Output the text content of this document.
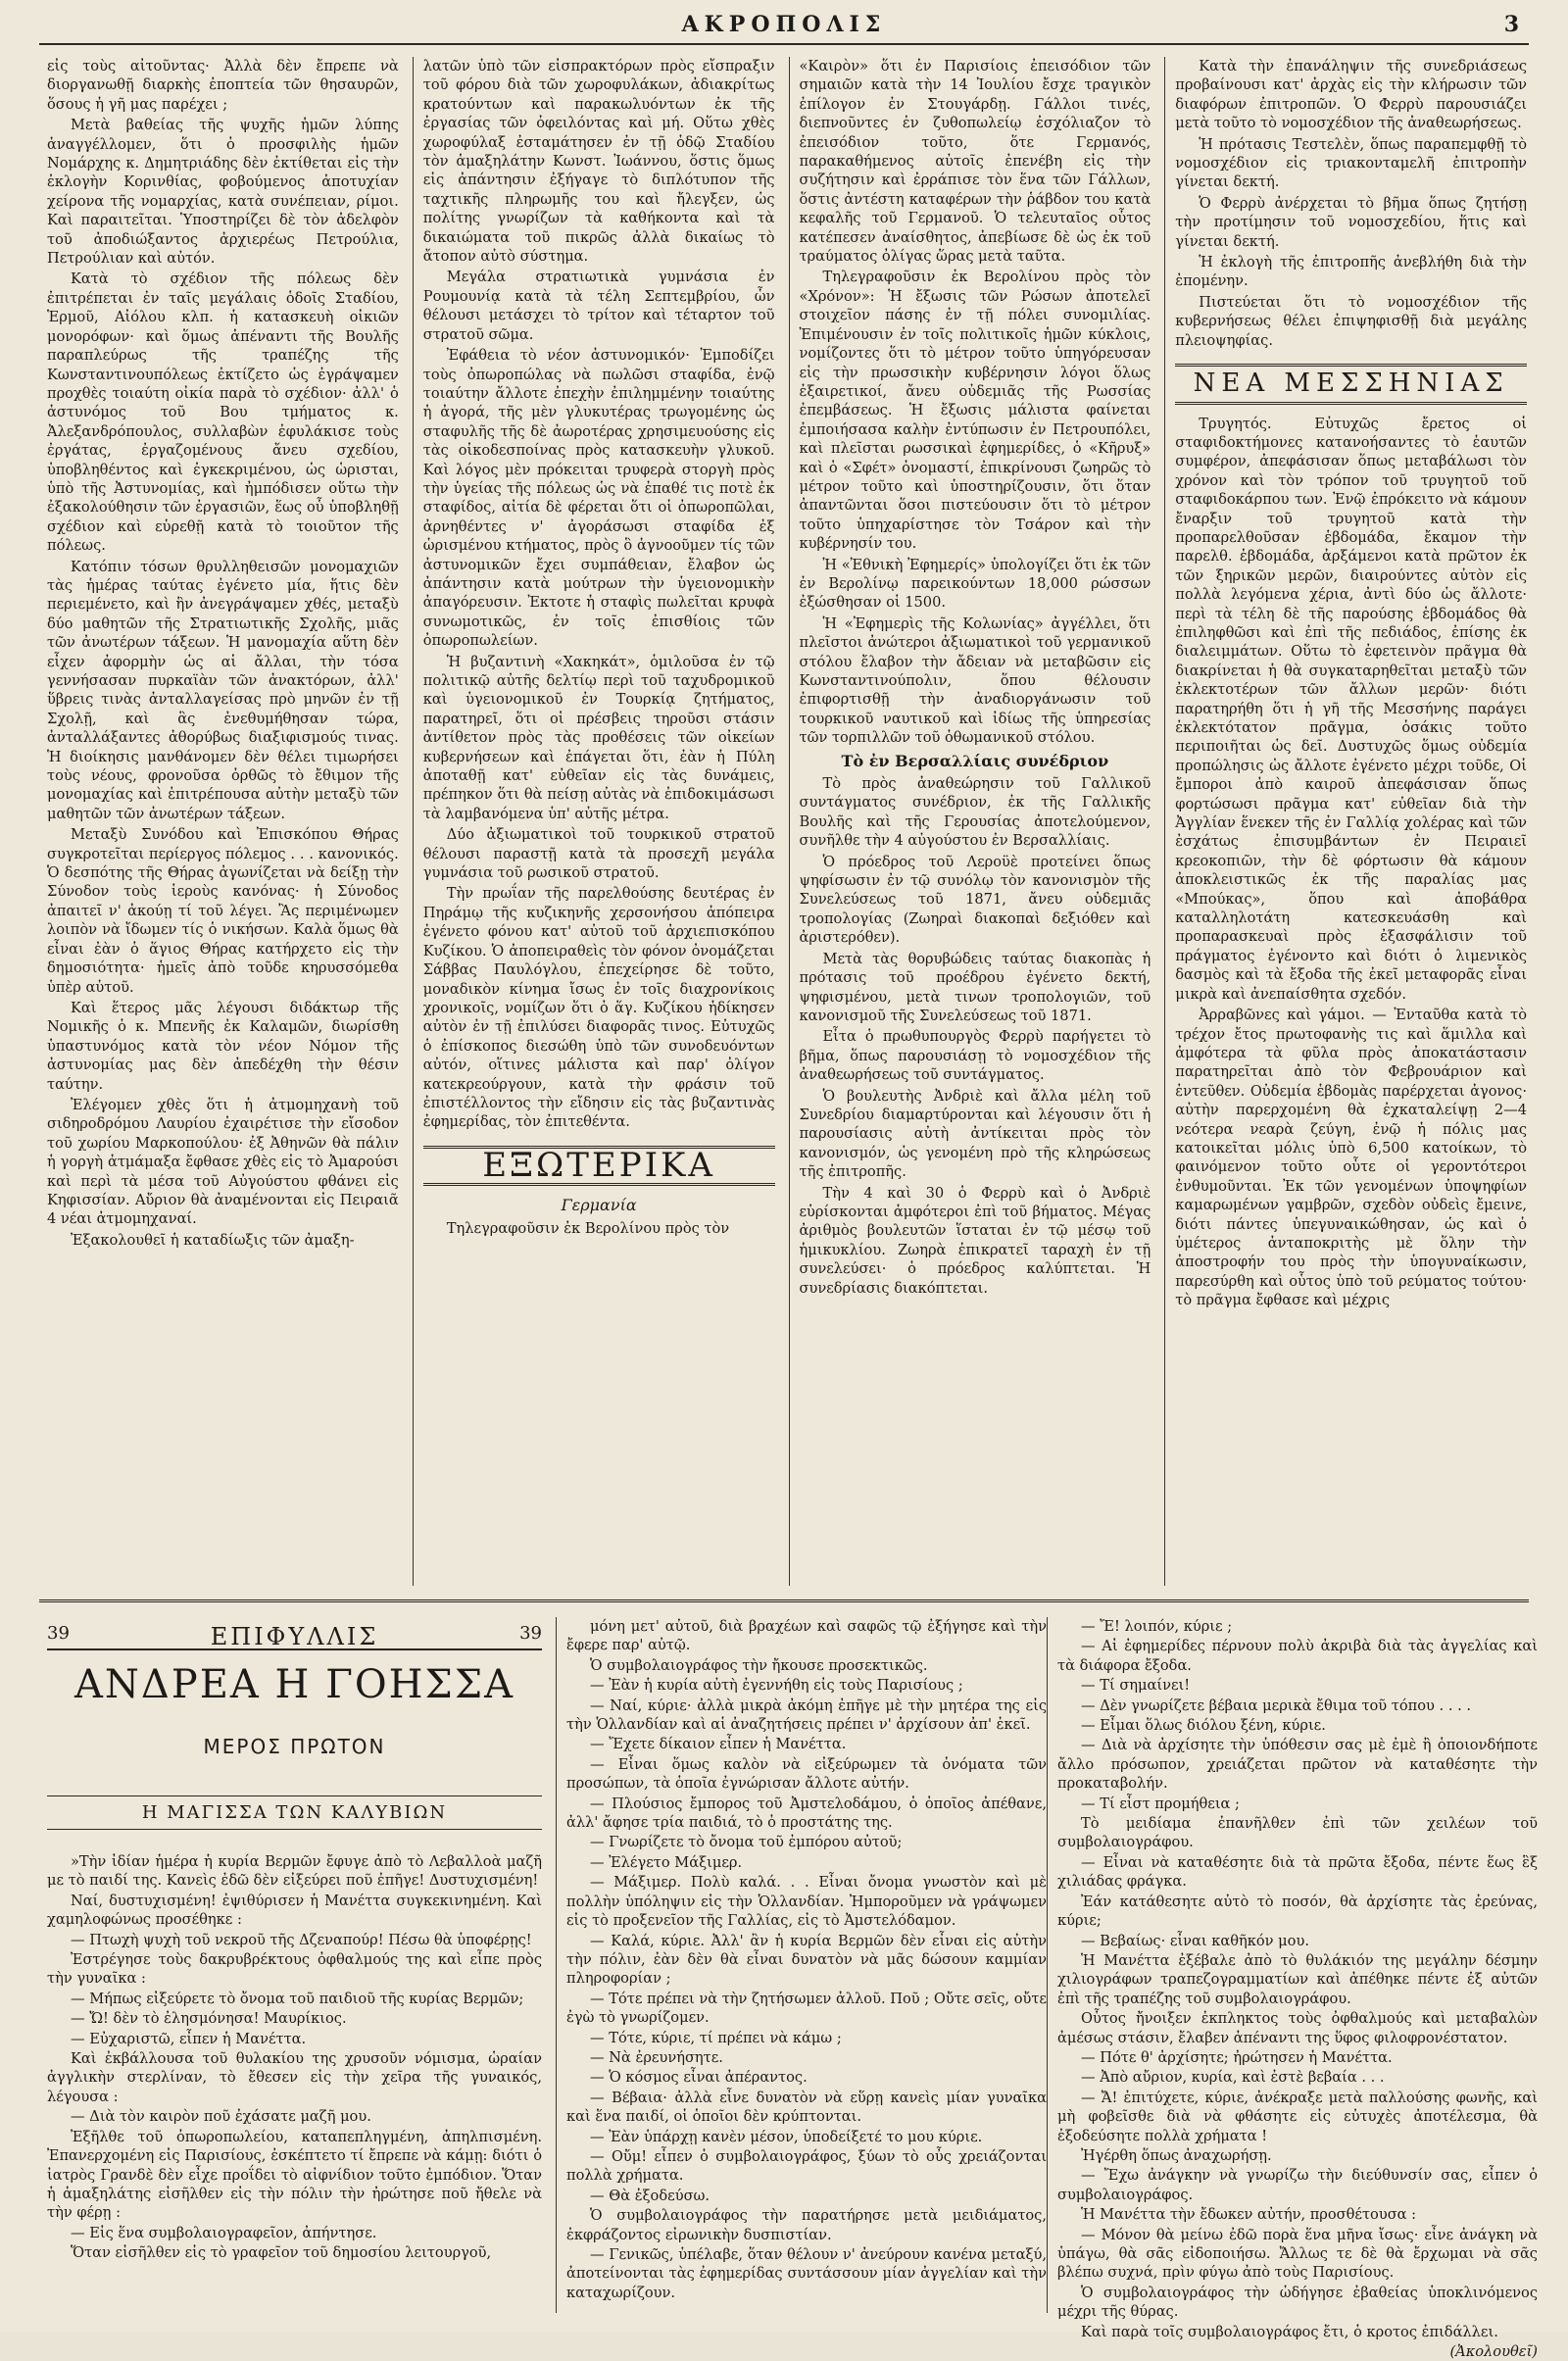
ΑΚΡΟΠΟΛΙΣ	3

εἰς τοὺς αἰτοῦντας· Ἀλλὰ δὲν ἔπρεπε νὰ διοργανωθῇ διαρκὴς ἐποπτεία τῶν θησαυρῶν, ὅσους ἡ γῆ μας παρέχει ;

Μετὰ βαθείας τῆς ψυχῆς ἡμῶν λύπης ἀναγγέλλομεν, ὅτι ὁ προσφιλὴς ἡμῶν Νομάρχης κ. Δημητριάδης δὲν ἐκτίθεται εἰς τὴν ἐκλογὴν Κορινθίας, φοβούμενος ἀποτυχίαν χείρονα τῆς νομαρχίας, κατὰ συνέπειαν, ρίμοι. Καὶ παραιτεῖται. Ὑποστηρίζει δὲ τὸν ἀδελφὸν τοῦ ἀποδιώξαντος ἀρχιερέως Πετρούλια, Πετρούλιαν καὶ αὐτόν.

Κατὰ τὸ σχέδιον τῆς πόλεως δὲν ἐπιτρέπεται ἐν ταῖς μεγάλαις ὁδοῖς Σταδίου, Ἑρμοῦ, Αἰόλου κλπ. ἡ κατασκευὴ οἰκιῶν μονορόφων· καὶ ὅμως ἀπέναντι τῆς Βουλῆς παραπλεύρως τῆς τραπέζης τῆς Κωνσταντινουπόλεως ἐκτίζετο ὡς ἐγράψαμεν προχθὲς τοιαύτη οἰκία παρὰ τὸ σχέδιον· ἀλλ' ὁ ἀστυνόμος τοῦ Βου τμήματος κ. Ἀλεξανδρόπουλος, συλλαβὼν ἐφυλάκισε τοὺς ἐργάτας, ἐργαζομένους ἄνευ σχεδίου, ὑποβληθέντος καὶ ἐγκεκριμένου, ὡς ὡρισται, ὑπὸ τῆς Ἀστυνομίας, καὶ ἠμπόδισεν οὕτω τὴν ἐξακολούθησιν τῶν ἐργασιῶν, ἕως οὗ ὑποβληθῇ σχέδιον καὶ εὑρεθῇ κατὰ τὸ τοιοῦτον τῆς πόλεως.

Κατόπιν τόσων θρυλληθεισῶν μονομαχιῶν τὰς ἡμέρας ταύτας ἐγένετο μία, ἥτις δὲν περιεμένετο, καὶ ἣν ἀνεγράψαμεν χθές, μεταξὺ δύο μαθητῶν τῆς Στρατιωτικῆς Σχολῆς, μιᾶς τῶν ἀνωτέρων τάξεων. Ἡ μανομαχία αὕτη δὲν εἶχεν ἀφορμὴν ὡς αἱ ἄλλαι, τὴν τόσα γεννήσασαν πυρκαϊὰν τῶν ἀνακτόρων, ἀλλ' ὕβρεις τινὰς ἀνταλλαγείσας πρὸ μηνῶν ἐν τῇ Σχολῇ, καὶ ἃς ἐνεθυμήθησαν τώρα, ἀνταλλάξαντες ἀθορύβως διαξιφισμούς τινας. Ἡ διοίκησις μανθάνομεν δὲν θέλει τιμωρήσει τοὺς νέους, φρονοῦσα ὀρθῶς τὸ ἔθιμον τῆς μονομαχίας καὶ ἐπιτρέπουσα αὐτὴν μεταξὺ τῶν μαθητῶν τῶν ἀνωτέρων τάξεων.

Μεταξὺ Συνόδου καὶ Ἐπισκόπου Θήρας συγκροτεῖται περίεργος πόλεμος . . . κανονικός. Ὁ δεσπότης τῆς Θήρας ἀγωνίζεται νὰ δείξῃ τὴν Σύνοδον τοὺς ἱεροὺς κανόνας· ἡ Σύνοδος ἀπαιτεῖ ν' ἀκούῃ τί τοῦ λέγει. Ἂς περιμένωμεν λοιπὸν νὰ ἴδωμεν τίς ὁ νικήσων. Καλὰ ὅμως θὰ εἶναι ἐὰν ὁ ἅγιος Θήρας κατήρχετο εἰς τὴν δημοσιότητα· ἡμεῖς ἀπὸ τοῦδε κηρυσσόμεθα ὑπὲρ αὐτοῦ.

Καὶ ἕτερος μᾶς λέγουσι διδάκτωρ τῆς Νομικῆς ὁ κ. Μπενῆς ἐκ Καλαμῶν, διωρίσθη ὑπαστυνόμος κατὰ τὸν νέον Νόμον τῆς ἀστυνομίας μας δὲν ἀπεδέχθη τὴν θέσιν ταύτην.

Ἐλέγομεν χθὲς ὅτι ἡ ἀτμομηχανὴ τοῦ σιδηροδρόμου Λαυρίου ἐχαιρέτισε τὴν εἴσοδον τοῦ χωρίου Μαρκοπούλου· ἐξ Ἀθηνῶν θὰ πάλιν ἡ γοργὴ ἀτμάμαξα ἔφθασε χθὲς εἰς τὸ Ἀμαρούσι καὶ περὶ τὰ μέσα τοῦ Αὐγούστου φθάνει εἰς Κηφισσίαν. Αὔριον θὰ ἀναμένονται εἰς Πειραιᾶ 4 νέαι ἀτμομηχαναί.

Ἐξακολουθεῖ ἡ καταδίωξις τῶν ἀμαξη-

λατῶν ὑπὸ τῶν εἰσπρακτόρων πρὸς εἴσπραξιν τοῦ φόρου διὰ τῶν χωροφυλάκων, ἀδιακρίτως κρατούντων καὶ παρακωλυόντων ἐκ τῆς ἐργασίας τῶν ὀφειλόντας καὶ μή. Οὕτω χθὲς χωροφύλαξ ἐσταμάτησεν ἐν τῇ ὁδῷ Σταδίου τὸν ἁμαξηλάτην Κωνστ. Ἰωάννου, ὅστις ὅμως εἰς ἀπάντησιν ἐξήγαγε τὸ διπλότυπον τῆς ταχτικῆς πληρωμῆς του καὶ ἤλεγξεν, ὡς πολίτης γνωρίζων τὰ καθήκοντα καὶ τὰ δικαιώματα τοῦ πικρῶς ἀλλὰ δικαίως τὸ ἄτοπον αὐτὸ σύστημα.

Μεγάλα στρατιωτικὰ γυμνάσια ἐν Ρουμουνίᾳ κατὰ τὰ τέλη Σεπτεμβρίου, ὧν θέλουσι μετάσχει τὸ τρίτον καὶ τέταρτον τοῦ στρατοῦ σῶμα.

Ἐφάθεια τὸ νέον ἀστυνομικόν· Ἐμποδίζει τοὺς ὀπωροπώλας νὰ πωλῶσι σταφίδα, ἐνῷ τοιαύτην ἄλλοτε ἐπεχὴν ἐπιλημμένην τοιαύτης ἡ ἀγορά, τῆς μὲν γλυκυτέρας τρωγομένης ὡς σταφυλῆς τῆς δὲ ἀωροτέρας χρησιμευούσης εἰς τὰς οἰκοδεσποίνας πρὸς κατασκευὴν γλυκοῦ. Καὶ λόγος μὲν πρόκειται τρυφερὰ στοργὴ πρὸς τὴν ὑγείας τῆς πόλεως ὡς νὰ ἐπαθέ τις ποτὲ ἐκ σταφίδος, αἰτία δὲ φέρεται ὅτι οἱ ὀπωροπῶλαι, ἀρνηθέντες ν' ἀγοράσωσι σταφίδα ἐξ ὡρισμένου κτήματος, πρὸς ὃ ἀγνοοῦμεν τίς τῶν ἀστυνομικῶν ἔχει συμπάθειαν, ἔλαβον ὡς ἀπάντησιν κατὰ μούτρων τὴν ὑγειονομικὴν ἀπαγόρευσιν. Ἐκτοτε ἡ σταφὶς πωλεῖται κρυφὰ συνωμοτικῶς, ἐν τοῖς ἐπισθίοις τῶν ὀπωροπωλείων.

Ἡ βυζαντινὴ «Χακηκάτ», ὁμιλοῦσα ἐν τῷ πολιτικῷ αὐτῆς δελτίῳ περὶ τοῦ ταχυδρομικοῦ καὶ ὑγειονομικοῦ ἐν Τουρκίᾳ ζητήματος, παρατηρεῖ, ὅτι οἱ πρέσβεις τηροῦσι στάσιν ἀντίθετον πρὸς τὰς προθέσεις τῶν οἰκείων κυβερνήσεων καὶ ἐπάγεται ὅτι, ἐὰν ἡ Πύλη ἀποταθῇ κατ' εὐθεῖαν εἰς τὰς δυνάμεις, πρέπηκον ὅτι θὰ πείσῃ αὐτὰς νὰ ἐπιδοκιμάσωσι τὰ λαμβανόμενα ὑπ' αὐτῆς μέτρα.

Δύο ἀξιωματικοὶ τοῦ τουρκικοῦ στρατοῦ θέλουσι παραστῇ κατὰ τὰ προσεχῆ μεγάλα γυμνάσια τοῦ ρωσικοῦ στρατοῦ.

Τὴν πρωΐαν τῆς παρελθούσης δευτέρας ἐν Πηράμῳ τῆς κυζικηνῆς χερσονήσου ἀπόπειρα ἐγένετο φόνου κατ' αὐτοῦ τοῦ ἀρχιεπισκόπου Κυζίκου. Ὁ ἀποπειραθεὶς τὸν φόνον ὀνομάζεται Σάββας Παυλόγλου, ἐπεχείρησε δὲ τοῦτο, μοναδικὸν κίνημα ἴσως ἐν τοῖς διαχρονίκοις χρονικοῖς, νομίζων ὅτι ὁ ἅγ. Κυζίκου ἠδίκησεν αὐτὸν ἐν τῇ ἐπιλύσει διαφορᾶς τινος. Εὐτυχῶς ὁ ἐπίσκοπος διεσώθη ὑπὸ τῶν συνοδευόντων αὐτόν, οἵτινες μάλιστα καὶ παρ' ὀλίγον κατεκρεούργουν, κατὰ τὴν φράσιν τοῦ ἐπιστέλλοντος τὴν εἴδησιν εἰς τὰς βυζαντινὰς ἐφημερίδας, τὸν ἐπιτεθέντα.

ΕΞΩΤΕΡΙΚΑ
Γερμανία

Τηλεγραφοῦσιν ἐκ Βερολίνου πρὸς τὸν

«Καιρὸν» ὅτι ἐν Παρισίοις ἐπεισόδιον τῶν σημαιῶν κατὰ τὴν 14 Ἰουλίου ἔσχε τραγικὸν ἐπίλογον ἐν Στουγάρδῃ. Γάλλοι τινές, διεπνοῦντες ἐν ζυθοπωλείῳ ἐσχόλιαζον τὸ ἐπεισόδιον τοῦτο, ὅτε Γερμανός, παρακαθήμενος αὐτοῖς ἐπενέβη εἰς τὴν συζήτησιν καὶ ἐρράπισε τὸν ἕνα τῶν Γάλλων, ὅστις ἀντέστη καταφέρων τὴν ῥάβδον του κατὰ κεφαλῆς τοῦ Γερμανοῦ. Ὁ τελευταῖος οὗτος κατέπεσεν ἀναίσθητος, ἀπεβίωσε δὲ ὡς ἐκ τοῦ τραύματος ὀλίγας ὥρας μετὰ ταῦτα.

Τηλεγραφοῦσιν ἐκ Βερολίνου πρὸς τὸν «Χρόνον»: Ἡ ἔξωσις τῶν Ρώσων ἀποτελεῖ στοιχεῖον πάσης ἐν τῇ πόλει συνομιλίας. Ἐπιμένουσιν ἐν τοῖς πολιτικοῖς ἡμῶν κύκλοις, νομίζοντες ὅτι τὸ μέτρον τοῦτο ὑπηγόρευσαν εἰς τὴν πρωσσικὴν κυβέρνησιν λόγοι ὅλως ἐξαιρετικοί, ἄνευ οὐδεμιᾶς τῆς Ρωσσίας ἐπεμβάσεως. Ἡ ἔξωσις μάλιστα φαίνεται ἐμποιήσασα καλὴν ἐντύπωσιν ἐν Πετρουπόλει, καὶ πλεῖσται ρωσσικαὶ ἐφημερίδες, ὁ «Κῆρυξ» καὶ ὁ «Σφέτ» ὀνομαστί, ἐπικρίνουσι ζωηρῶς τὸ μέτρον τοῦτο καὶ ὑποστηρίζουσιν, ὅτι ὅταν ἀπαντῶνται ὅσοι πιστεύουσιν ὅτι τὸ μέτρον τοῦτο ὑπηχαρίστησε τὸν Τσάρον καὶ τὴν κυβέρνησίν του.

Ἡ «Ἐθνικὴ Ἐφημερίς» ὑπολογίζει ὅτι ἐκ τῶν ἐν Βερολίνῳ παρεικούντων 18,000 ρώσσων ἐξώσθησαν οἱ 1500.

Ἡ «Ἐφημερὶς τῆς Κολωνίας» ἀγγέλλει, ὅτι πλεῖστοι ἀνώτεροι ἀξιωματικοὶ τοῦ γερμανικοῦ στόλου ἔλαβον τὴν ἄδειαν νὰ μεταβῶσιν εἰς Κωνσταντινούπολιν, ὅπου θέλουσιν ἐπιφορτισθῇ τὴν ἀναδιοργάνωσιν τοῦ τουρκικοῦ ναυτικοῦ καὶ ἰδίως τῆς ὑπηρεσίας τῶν τορπιλλῶν τοῦ ὀθωμανικοῦ στόλου.

Τὸ ἐν Βερσαλλίαις συνέδριον

Τὸ πρὸς ἀναθεώρησιν τοῦ Γαλλικοῦ συντάγματος συνέδριον, ἐκ τῆς Γαλλικῆς Βουλῆς καὶ τῆς Γερουσίας ἀποτελούμενον, συνῆλθε τὴν 4 αὐγούστου ἐν Βερσαλλίαις.

Ὁ πρόεδρος τοῦ Λεροϋὲ προτείνει ὅπως ψηφίσωσιν ἐν τῷ συνόλῳ τὸν κανονισμὸν τῆς Συνελεύσεως τοῦ 1871, ἄνευ οὐδεμιᾶς τροπολογίας (Ζωηραὶ διακοπαὶ δεξιόθεν καὶ ἀριστερόθεν).

Μετὰ τὰς θορυβώδεις ταύτας διακοπὰς ἡ πρότασις τοῦ προέδρου ἐγένετο δεκτή, ψηφισμένου, μετὰ τινων τροπολογιῶν, τοῦ κανονισμοῦ τῆς Συνελεύσεως τοῦ 1871.

Εἶτα ὁ πρωθυπουργὸς Φερρὺ παρήγετει τὸ βῆμα, ὅπως παρουσιάσῃ τὸ νομοσχέδιον τῆς ἀναθεωρήσεως τοῦ συντάγματος.

Ὁ βουλευτὴς Ἀνδριὲ καὶ ἄλλα μέλη τοῦ Συνεδρίου διαμαρτύρονται καὶ λέγουσιν ὅτι ἡ παρουσίασις αὐτὴ ἀντίκειται πρὸς τὸν κανονισμόν, ὡς γενομένη πρὸ τῆς κληρώσεως τῆς ἐπιτροπῆς.

Τὴν 4 καὶ 30 ὁ Φερρὺ καὶ ὁ Ἀνδριὲ εὑρίσκονται ἀμφότεροι ἐπὶ τοῦ βήματος. Μέγας ἀριθμὸς βουλευτῶν ἵσταται ἐν τῷ μέσῳ τοῦ ἡμικυκλίου. Ζωηρὰ ἐπικρατεῖ ταραχὴ ἐν τῇ συνελεύσει· ὁ πρόεδρος καλύπτεται. Ἡ συνεδρίασις διακόπτεται.

Κατὰ τὴν ἐπανάληψιν τῆς συνεδριάσεως προβαίνουσι κατ' ἀρχὰς εἰς τὴν κλήρωσιν τῶν διαφόρων ἐπιτροπῶν. Ὁ Φερρὺ παρουσιάζει μετὰ τοῦτο τὸ νομοσχέδιον τῆς ἀναθεωρήσεως.

Ἡ πρότασις Τεστελὲν, ὅπως παραπεμφθῇ τὸ νομοσχέδιον εἰς τριακονταμελῆ ἐπιτροπὴν γίνεται δεκτή.

Ὁ Φερρὺ ἀνέρχεται τὸ βῆμα ὅπως ζητήσῃ τὴν προτίμησιν τοῦ νομοσχεδίου, ἥτις καὶ γίνεται δεκτή.

Ἡ ἐκλογὴ τῆς ἐπιτροπῆς ἀνεβλήθη διὰ τὴν ἐπομένην.

Πιστεύεται ὅτι τὸ νομοσχέδιον τῆς κυβερνήσεως θέλει ἐπιψηφισθῇ διὰ μεγάλης πλειοψηφίας.

ΝΕΑ ΜΕΣΣΗΝΙΑΣ

Τρυγητός. Εὐτυχῶς ἔρετος οἱ σταφιδοκτήμονες κατανοήσαντες τὸ ἑαυτῶν συμφέρον, ἀπεφάσισαν ὅπως μεταβάλωσι τὸν χρόνον καὶ τὸν τρόπον τοῦ τρυγητοῦ τοῦ σταφιδοκάρπου των. Ἐνῷ ἐπρόκειτο νὰ κάμουν ἔναρξιν τοῦ τρυγητοῦ κατὰ τὴν προπαρελθοῦσαν ἑβδομάδα, ἔκαμον τὴν παρελθ. ἑβδομάδα, ἀρξάμενοι κατὰ πρῶτον ἐκ τῶν ξηρικῶν μερῶν, διαιρούντες αὐτὸν εἰς πολλὰ λεγόμενα χέρια, ἀντὶ δύο ὡς ἄλλοτε· περὶ τὰ τέλη δὲ τῆς παρούσης ἑβδομάδος θὰ ἐπιληφθῶσι καὶ ἐπὶ τῆς πεδιάδος, ἐπίσης ἐκ διαλειμμάτων. Οὕτω τὸ ἐφετεινὸν πρᾶγμα θὰ διακρίνεται ἡ θὰ συγκαταρηθεῖται μεταξὺ τῶν ἐκλεκτοτέρων τῶν ἄλλων μερῶν· διότι παρατηρήθη ὅτι ἡ γῆ τῆς Μεσσήνης παράγει ἐκλεκτότατον πρᾶγμα, ὁσάκις τοῦτο περιποιῆται ὡς δεῖ. Δυστυχῶς ὅμως οὐδεμία προπώλησις ὡς ἄλλοτε ἐγένετο μέχρι τοῦδε, Οἱ ἔμποροι ἀπὸ καιροῦ ἀπεφάσισαν ὅπως φορτώσωσι πρᾶγμα κατ' εὐθεῖαν διὰ τὴν Ἀγγλίαν ἕνεκεν τῆς ἐν Γαλλίᾳ χολέρας καὶ τῶν ἐσχάτως ἐπισυμβάντων ἐν Πειραιεῖ κρεοκοπιῶν, τὴν δὲ φόρτωσιν θὰ κάμουν ἀποκλειστικῶς ἐκ τῆς παραλίας μας «Μπούκας», ὅπου καὶ ἀποβάθρα καταλληλοτάτη κατεσκευάσθη καὶ προπαρασκευαὶ πρὸς ἐξασφάλισιν τοῦ πράγματος ἐγένοντο καὶ διότι ὁ λιμενικὸς δασμὸς καὶ τὰ ἔξοδα τῆς ἐκεῖ μεταφορᾶς εἶναι μικρὰ καὶ ἀνεπαίσθητα σχεδόν.

Ἀρραβῶνες καὶ γάμοι. — Ἐνταῦθα κατὰ τὸ τρέχον ἔτος πρωτοφανὴς τις καὶ ἅμιλλα καὶ ἀμφότερα τὰ φῦλα πρὸς ἀποκατάστασιν παρατηρεῖται ἀπὸ τὸν Φεβρουάριον καὶ ἐντεῦθεν. Οὐδεμία ἑβδομὰς παρέρχεται ἀγονος· αὐτὴν παρερχομένη θὰ ἐχκαταλείψῃ 2—4 νεότερα νεαρὰ ζεύγη, ἐνῷ ἡ πόλις μας κατοικεῖται μόλις ὑπὸ 6,500 κατοίκων, τὸ φαινόμενον τοῦτο οὗτε οἱ γεροντότεροι ἐνθυμοῦνται. Ἐκ τῶν γενομένων ὑποψηφίων καμαρωμένων γαμβρῶν, σχεδὸν οὐδεὶς ἔμεινε, διότι πάντες ὑπεγυναικώθησαν, ὡς καὶ ὁ ὑμέτερος ἀνταποκριτὴς μὲ ὅλην τὴν ἀποστροφήν του πρὸς τὴν ὑπογυναίκωσιν, παρεσύρθη καὶ οὗτος ὑπὸ τοῦ ρεύματος τούτου· τὸ πρᾶγμα ἔφθασε καὶ μέχρις

39	ΕΠΙΦΥΛΛΙΣ	39
ΑΝΔΡΕΑ Η ΓΟΗΣΣΑ
ΜΕΡΟΣ ΠΡΩΤΟΝ
Η ΜΑΓΙΣΣΑ ΤΩΝ ΚΑΛΥΒΙΩΝ

»Τὴν ἰδίαν ἡμέρα ἡ κυρία Βερμῶν ἔφυγε ἀπὸ τὸ Λεβαλλοὰ μαζῆ με τὸ παιδί της. Κανεὶς ἐδῶ δὲν εἰξεύρει ποῦ ἐπῆγε! Δυστυχισμένη!

Ναί, δυστυχισμένη! ἐψιθύρισεν ἡ Μανέττα συγκεκινημένη. Καὶ χαμηλοφώνως προσέθηκε :

— Πτωχὴ ψυχὴ τοῦ νεκροῦ τῆς Δζεναπούρ! Πέσω θὰ ὑποφέρῃς!

Ἐστρέγησε τοὺς δακρυβρέκτους ὀφθαλμούς της καὶ εἶπε πρὸς τὴν γυναῖκα :

— Μήπως εἰξεύρετε τὸ ὄνομα τοῦ παιδιοῦ τῆς κυρίας Βερμῶν;

— Ὤ! δὲν τὸ ἐλησμόνησα! Μαυρίκιος.

— Εὐχαριστῶ, εἶπεν ἡ Μανέττα.

Καὶ ἐκβάλλουσα τοῦ θυλακίου της χρυσοῦν νόμισμα, ὡραίαν ἀγγλικὴν στερλίναν, τὸ ἔθεσεν εἰς τὴν χεῖρα τῆς γυναικός, λέγουσα :

— Διὰ τὸν καιρὸν ποῦ ἐχάσατε μαζῆ μου.

Ἐξῆλθε τοῦ ὀπωροπωλείου, καταπεπληγμένη, ἀπηλπισμένη. Ἐπανερχομένη εἰς Παρισίους, ἐσκέπτετο τί ἔπρεπε νὰ κάμῃ: διότι ὁ ἰατρὸς Γρανδὲ δὲν εἶχε προΐδει τὸ αἰφνίδιον τοῦτο ἐμπόδιον. Ὅταν ἡ ἁμαξηλάτης εἰσῆλθεν εἰς τὴν πόλιν τὴν ἠρώτησε ποῦ ἤθελε νὰ τὴν φέρῃ :

— Εἰς ἕνα συμβολαιογραφεῖον, ἀπήντησε.

Ὅταν εἰσῆλθεν εἰς τὸ γραφεῖον τοῦ δημοσίου λειτουργοῦ,

μόνη μετ' αὐτοῦ, διὰ βραχέων καὶ σαφῶς τῷ ἐξήγησε καὶ τὴν ἔφερε παρ' αὐτῷ.

Ὁ συμβολαιογράφος τὴν ἤκουσε προσεκτικῶς.

— Ἐὰν ἡ κυρία αὐτὴ ἐγεννήθη εἰς τοὺς Παρισίους ;

— Ναί, κύριε· ἀλλὰ μικρὰ ἀκόμη ἐπῆγε μὲ τὴν μητέρα της εἰς τὴν Ὁλλανδίαν καὶ αἱ ἀναζητήσεις πρέπει ν' ἀρχίσουν ἀπ' ἐκεῖ.

— Ἔχετε δίκαιον εἶπεν ἡ Μανέττα.

— Εἶναι ὅμως καλὸν νὰ εἰξεύρωμεν τὰ ὀνόματα τῶν προσώπων, τὰ ὁποῖα ἐγνώρισαν ἄλλοτε αὐτήν.

— Πλούσιος ἔμπορος τοῦ Ἀμστελοδάμου, ὁ ὁποῖος ἀπέθανε, ἀλλ' ἄφησε τρία παιδιά, τὸ ὁ προστάτης της.

— Γνωρίζετε τὸ ὄνομα τοῦ ἐμπόρου αὐτοῦ;

— Ἐλέγετο Μάξιμερ.

— Μάξιμερ. Πολὺ καλά. . . Εἶναι ὄνομα γνωστὸν καὶ μὲ πολλὴν ὑπόληψιν εἰς τὴν Ὁλλανδίαν. Ἠμποροῦμεν νὰ γράψωμεν εἰς τὸ προξενεῖον τῆς Γαλλίας, εἰς τὸ Ἀμστελόδαμον.

— Καλά, κύριε. Ἀλλ' ἂν ἡ κυρία Βερμῶν δὲν εἶναι εἰς αὐτὴν τὴν πόλιν, ἐὰν δὲν θὰ εἶναι δυνατὸν νὰ μᾶς δώσουν καμμίαν πληροφορίαν ;

— Τότε πρέπει νὰ τὴν ζητήσωμεν ἀλλοῦ. Ποῦ ; Οὔτε σεῖς, οὔτε ἐγὼ τὸ γνωρίζομεν.

— Τότε, κύριε, τί πρέπει νὰ κάμω ;

— Νὰ ἐρευνήσητε.

— Ὁ κόσμος εἶναι ἀπέραντος.

— Βέβαια· ἀλλὰ εἶνε δυνατὸν νὰ εὕρῃ κανεὶς μίαν γυναῖκα καὶ ἕνα παιδί, οἱ ὁποῖοι δὲν κρύπτονται.

— Ἐὰν ὑπάρχῃ κανὲν μέσον, ὑποδείξετέ το μου κύριε.

— Οὔμ! εἶπεν ὁ συμβολαιογράφος, ξύων τὸ οὖς χρειάζονται πολλὰ χρήματα.

— Θὰ ἐξοδεύσω.

Ὁ συμβολαιογράφος τὴν παρατήρησε μετὰ μειδιάματος, ἐκφράζοντος εἰρωνικὴν δυσπιστίαν.

— Γενικῶς, ὑπέλαβε, ὅταν θέλουν ν' ἀνεύρουν κανένα μεταξύ, ἀποτείνονται τὰς ἐφημερίδας συντάσσουν μίαν ἀγγελίαν καὶ τὴν καταχωρίζουν.

— Ἔ! λοιπόν, κύριε ;

— Αἱ ἐφημερίδες πέρνουν πολὺ ἀκριβὰ διὰ τὰς ἀγγελίας καὶ τὰ διάφορα ἔξοδα.

— Τί σημαίνει!

— Δὲν γνωρίζετε βέβαια μερικὰ ἔθιμα τοῦ τόπου . . . .

— Εἶμαι ὅλως διόλου ξένη, κύριε.

— Διὰ νὰ ἀρχίσητε τὴν ὑπόθεσιν σας μὲ ἐμὲ ἢ ὁποιονδήποτε ἄλλο πρόσωπον, χρειάζεται πρῶτον νὰ καταθέσητε τὴν προκαταβολήν.

— Τί εἶστ προμήθεια ;

Τὸ μειδίαμα ἐπανῆλθεν ἐπὶ τῶν χειλέων τοῦ συμβολαιογράφου.

— Εἶναι νὰ καταθέσητε διὰ τὰ πρῶτα ἔξοδα, πέντε ἕως ἓξ χιλιάδας φράγκα.

Ἐάν κατάθεσητε αὐτὸ τὸ ποσόν, θὰ ἀρχίσητε τὰς ἐρεύνας, κύριε;

— Βεβαίως· εἶναι καθῆκόν μου.

Ἡ Μανέττα ἐξέβαλε ἀπὸ τὸ θυλάκιόν της μεγάλην δέσμην χιλιογράφων τραπεζογραμματίων καὶ ἀπέθηκε πέντε ἐξ αὐτῶν ἐπὶ τῆς τραπέζης τοῦ συμβολαιογράφου.

Οὗτος ἤνοιξεν ἐκπληκτος τοὺς ὀφθαλμούς καὶ μεταβαλὼν ἀμέσως στάσιν, ἔλαβεν ἀπέναντι της ὕφος φιλοφρονέστατον.

— Πότε θ' ἀρχίσητε; ἠρώτησεν ἡ Μανέττα.

— Ἀπὸ αὔριον, κυρία, καὶ ἐστὲ βεβαία . . .

— Ἄ! ἐπιτύχετε, κύριε, ἀνέκραξε μετὰ παλλούσης φωνῆς, καὶ μὴ φοβεῖσθε διὰ νὰ φθάσητε εἰς εὐτυχὲς ἀποτέλεσμα, θὰ ἐξοδεύσητε πολλὰ χρήματα !

Ἠγέρθη ὅπως ἀναχωρήσῃ.

— Ἔχω ἀνάγκην νὰ γνωρίζω τὴν διεύθυνσίν σας, εἶπεν ὁ συμβολαιογράφος.

Ἡ Μανέττα τὴν ἔδωκεν αὐτήν, προσθέτουσα :

— Μόνον θὰ μείνω ἐδῶ πορὰ ἕνα μῆνα ἴσως· εἶνε ἀνάγκη νὰ ὑπάγω, θὰ σᾶς εἰδοποιήσω. Ἄλλως τε δὲ θὰ ἔρχωμαι νὰ σᾶς βλέπω συχνά, πρὶν φύγω ἀπὸ τοὺς Παρισίους.

Ὁ συμβολαιογράφος τὴν ὡδήγησε ἐβαθείας ὑποκλινόμενος μέχρι τῆς θύρας.

Καὶ παρὰ τοῖς συμβολαιογράφος ἔτι, ὁ κροτος ἐπιδάλλει.

(Ἀκολουθεῖ)
